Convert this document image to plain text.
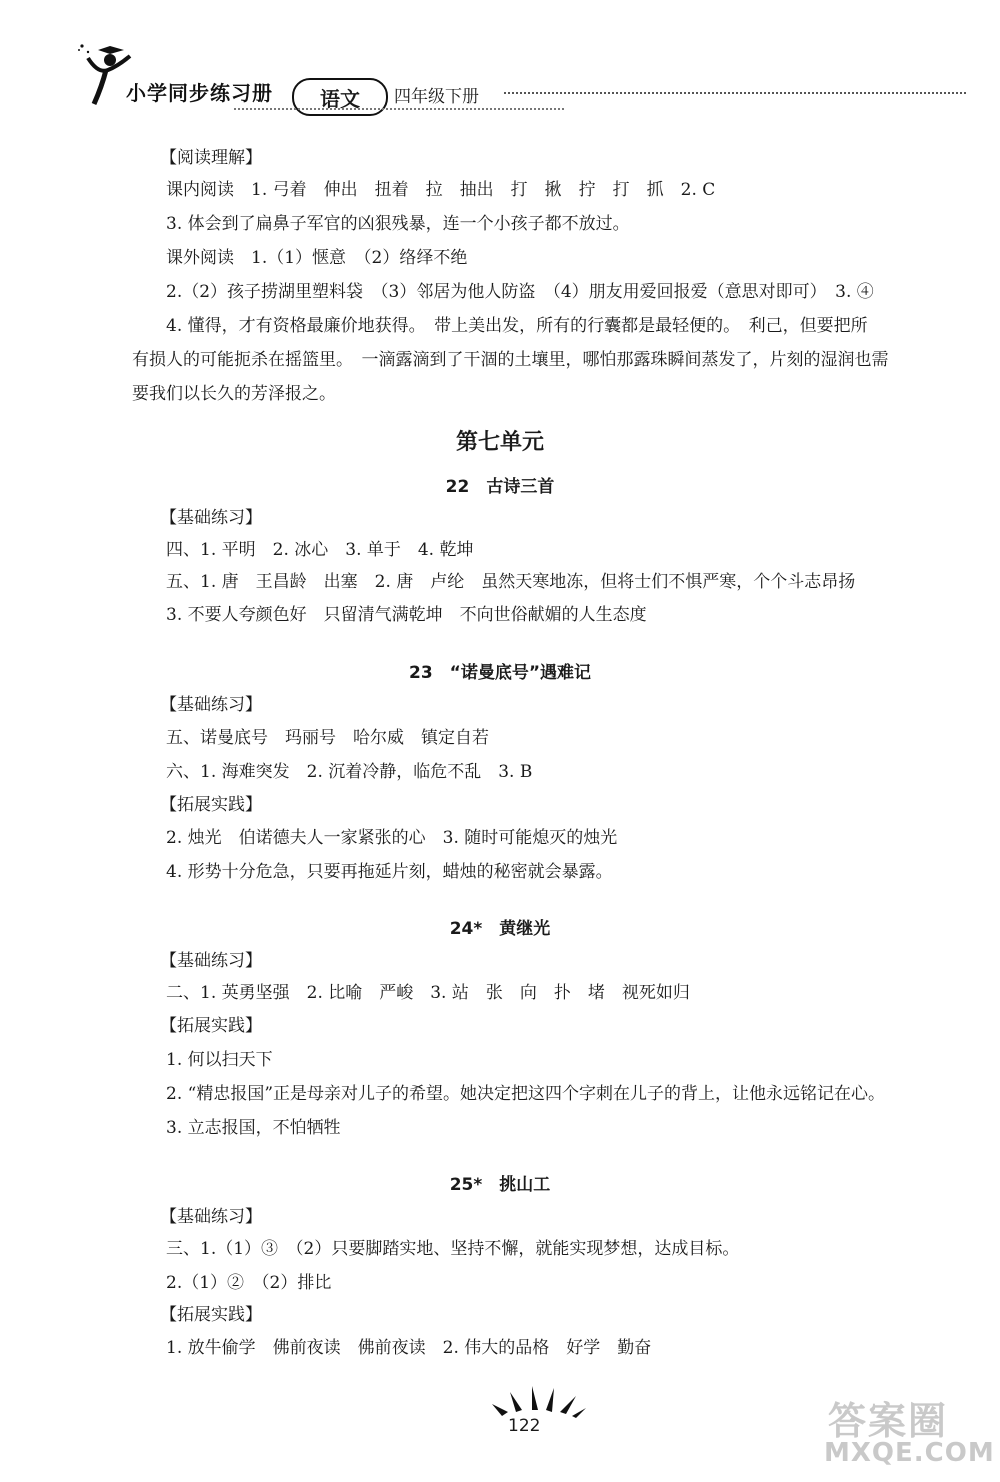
小学同步练习册 语文 四年级下册
【阅读理解】
课内阅读　1. 弓着　伸出　扭着　拉　抽出　打　揪　拧　打　抓　2. C
3. 体会到了扁鼻子军官的凶狠残暴，连一个小孩子都不放过。
课外阅读　1.（1）惬意　（2）络绎不绝
2.（2）孩子捞湖里塑料袋　（3）邻居为他人防盗　（4）朋友用爱回报爱（意思对即可）　3. ④
4. 懂得，才有资格最廉价地获得。　带上美出发，所有的行囊都是最轻便的。　利己，但要把所
有损人的可能扼杀在摇篮里。　一滴露滴到了干涸的土壤里，哪怕那露珠瞬间蒸发了，片刻的湿润也需
要我们以长久的芳泽报之。
第七单元
22　古诗三首
【基础练习】
四、1. 平明　2. 冰心　3. 单于　4. 乾坤
五、1. 唐　王昌龄　出塞　2. 唐　卢纶　虽然天寒地冻，但将士们不惧严寒，个个斗志昂扬
3. 不要人夸颜色好　只留清气满乾坤　不向世俗献媚的人生态度
23　“诺曼底号”遇难记
【基础练习】
五、诺曼底号　玛丽号　哈尔威　镇定自若
六、1. 海难突发　2. 沉着冷静，临危不乱　3. B
【拓展实践】
2. 烛光　伯诺德夫人一家紧张的心　3. 随时可能熄灭的烛光
4. 形势十分危急，只要再拖延片刻，蜡烛的秘密就会暴露。
24*　黄继光
【基础练习】
二、1. 英勇坚强　2. 比喻　严峻　3. 站　张　向　扑　堵　视死如归
【拓展实践】
1. 何以扫天下
2. “精忠报国”正是母亲对儿子的希望。她决定把这四个字刺在儿子的背上，让他永远铭记在心。
3. 立志报国，不怕牺牲
25*　挑山工
【基础练习】
三、1.（1）③　（2）只要脚踏实地、坚持不懈，就能实现梦想，达成目标。
2.（1）②　（2）排比
【拓展实践】
1. 放牛偷学　佛前夜读　佛前夜读　2. 伟大的品格　好学　勤奋
122	答案圈
MXQE.COM
